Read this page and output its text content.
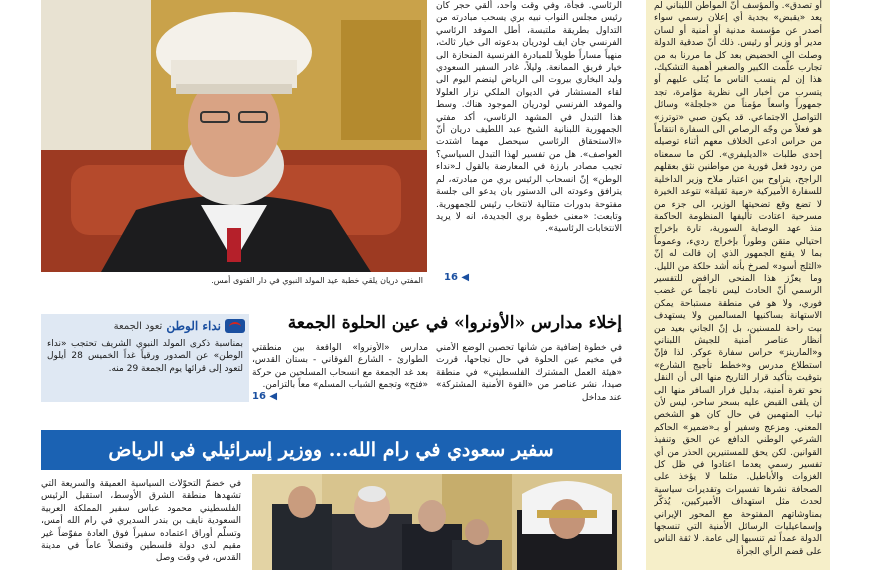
المفتي دريان يلقي خطبة عيد المولد النبوي في دار الفتوى أمس.
الرئاسي. فجأة، وفي وقت واحد، ألقي حجر كان رئيس مجلس النواب نبيه بري يسحب مبادرته من التداول بطريقة ملتبسة، أطل الموفد الرئاسي الفرنسي جان ايف لودريان بدعوته الى خيار ثالث، منهياً مساراً طويلاً للمبادرة الفرنسية المنحازة الى خيار فريق الممانعة. وليلاً، غادر السفير السعودي وليد البخاري بيروت الى الرياض لينضم اليوم الى لقاء المستشار في الديوان الملكي نزار العلولا والموفد الفرنسي لودريان الموجود هناك. وسط هذا التبدل في المشهد الرئاسي، أكد مفتي الجمهورية اللبنانية الشيخ عبد اللطيف دريان أنّ «الاستحقاق الرئاسي سيحصل مهما اشتدت العواصف». هل من تفسير لهذا التبدل السياسي؟ تجيب مصادر بارزة في المعارضة بالقول لـ«نداء الوطن» إنّ انسحاب الرئيس بري من مبادرته، لم يترافق وعودته الى الدستور بان يدعو الى جلسة مفتوحة بدورات متتالية لانتخاب رئيس للجمهورية. وتابعت: «معنى خطوة بري الجديدة، انه لا يريد الانتخابات الرئاسية».
16 ◀
أو تصدق». والمؤسف أنّ المواطن اللبناني لم يعد «يقبض» بجدية أي إعلان رسمي سواء أصدر عن مؤسسة مدنية أو أمنية أو لسان مدير أو وزير أو رئيس. ذلك أنّ صدقية الدولة وصلت الى الحضيض بعد كل ما مررنا به من تجارب علّمت الكبير والصغير أهمية التشكيك، هذا إن لم ينسب الناس ما يُتلى عليهم أو يتسرب من أخبار الى نظرية مؤامرة، تجد جمهوراً واسعاً مؤمناً من «جلجلة» وسائل التواصل الاجتماعي. قد يكون صبي «توترز» هو فعلاً من وجّه الرصاص الى السفارة انتقاماً من حراس ادعى الخلاف معهم أثناء توصيله إحدى طلبات «الديليفري». لكن ما سمعناه من ردود فعل فورية من مواطنين نثق بعقلهم الراجح، يتراوح بين اعتبار ملاح وزير الداخلية للسفارة الأميركية «رمية ثقيلة» تتوعد الخيرة لا تضع وقع تضحيتها الوزير، الى جزء من مسرحية اعتادت تأليفها المنظومة الحاكمة منذ عهد الوصاية السورية، تارة بإخراج احتيالي متقن وطوراً بإخراج رديء، وعموماً بما لا يقنع الجمهور الذي إن قالت له إنّ «الثلج أسود» لصرخ بأنه أشد حلكة من الليل. وما يعزّز هذا المنحى الرافض للتفسير الرسمي أنّ الحادث ليس ناجماً عن غضب فوري، ولا هو في منطقة مستباحة يمكن الاستهانة بساكنيها المسالمين ولا يستهدف بيت راحة للمسنين، بل إنّ الجاني بعيد من أنظار عناصر أمنية للجيش اللبناني و«المارينز» حراس سفارة عوكر. لذا فإنّ استطلاع مدرس و«خطط تأجيج الشارع» بتوقيت بتأكيد قرار التاريخ منها الى أن النقل نحو تغرة أمنية، بدليل فرار السافر منها الى أن يلقى القبض عليه بسحر ساحر، ليس لأن ثياب المتهمين في حال كان هو الشخص المعني. ومزعج وسفير أو بـ«ضمير» الحاكم الشرعي الوطني الدافع عن الحق وتنفيذ القوانين. لكن يحق للمستنيرين الحذر من أي تفسير رسمي يعدما اعتادوا في ظل كل الغزوات والأباطيل. مثلما لا يؤخذ على الصحافة نشرها تفسيرات وتقديرات سياسية لحدث مثل استهداف الأميركيين، يُذكّر بمناوشاتهم المفتوحة مع المحور الإيراني وإسماعيليات الرسائل الأمنية التي تنسجها الدولة عمداً ثم تنسبها إلى عامة. لا ثقة الناس على قضم الرأي الجرأة
إخلاء مدارس «الأونروا» في عين الحلوة الجمعة
في خطوة إضافية من شأنها تحصين الوضع الأمني في مخيم عين الحلوة في حال نجاحها، قررت «هيئة العمل المشترك الفلسطيني» في منطقة صيدا، نشر عناصر من «القوة الأمنية المشتركة» عند مداخل
مدارس «الأونروا» الواقعة بين منطقتي الطوارئ - الشارع الفوقاني - بستان القدس، بعد غد الجمعة مع انسحاب المسلحين من حركة «فتح» وتجمع الشباب المسلم» معاً بالتزامن.
16 ◀
نداء الوطن
تعود الجمعة
بمناسبة ذكرى المولد النبوي الشريف تحتجب «نداء الوطن» عن الصدور ورقياً غداً الخميس 28 أيلول لتعود إلى قرائها يوم الجمعة 29 منه.
سفير سعودي في رام الله... ووزير إسرائيلي في الرياض
في خضمّ التحوّلات السياسية العميقة والسريعة التي تشهدها منطقة الشرق الأوسط، استقبل الرئيس الفلسطيني محمود عباس سفير المملكة العربية السعودية نايف بن بندر السديري في رام الله أمس، وتسلّم أوراق اعتماده سفيراً فوق العادة مفوّضاً غير مقيم لدى دولة فلسطين وقنصلاً عاماً في مدينة القدس، في وقت وصل
